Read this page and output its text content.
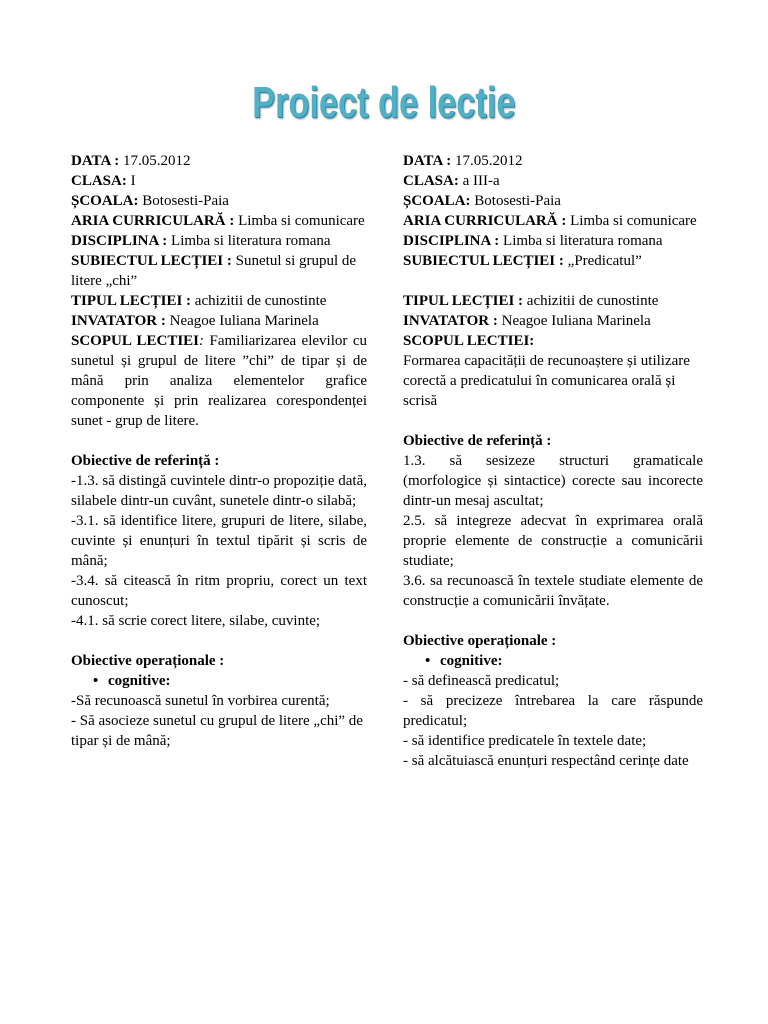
Proiect de lectie

DATA : 17.05.2012

CLASA: I

ȘCOALA: Botosesti-Paia

ARIA CURRICULARĂ : Limba si comunicare

DISCIPLINA : Limba si literatura romana

SUBIECTUL LECȚIEI : Sunetul si grupul de litere „chi”

TIPUL LECȚIEI : achizitii de cunostinte

INVATATOR : Neagoe Iuliana Marinela

SCOPUL LECTIEI: Familiarizarea elevilor cu sunetul și grupul de litere ”chi” de tipar și de mână prin analiza elementelor grafice componente și prin realizarea corespondenței sunet - grup de litere.

Obiective de referință :

-1.3. să distingă cuvintele dintr-o propoziție dată, silabele dintr-un cuvânt, sunetele dintr-o silabă;

-3.1. să identifice litere, grupuri de litere, silabe, cuvinte și enunțuri în textul tipărit și scris de mână;

-3.4. să citească în ritm propriu, corect un text cunoscut;

-4.1. să scrie corect litere, silabe, cuvinte;

Obiective operaționale :

• cognitive:

-Să recunoască sunetul în vorbirea curentă;

- Să asocieze sunetul cu grupul de litere „chi” de tipar și de mână;

DATA : 17.05.2012

CLASA: a III-a

ȘCOALA: Botosesti-Paia

ARIA CURRICULARĂ : Limba si comunicare

DISCIPLINA : Limba si literatura romana

SUBIECTUL LECȚIEI : „Predicatul”

TIPUL LECȚIEI : achizitii de cunostinte

INVATATOR : Neagoe Iuliana Marinela

SCOPUL LECTIEI:

Formarea capacității de recunoaștere și utilizare corectă a predicatului în comunicarea orală și scrisă

Obiective de referință :

1.3. să sesizeze structuri gramaticale (morfologice și sintactice) corecte sau incorecte dintr-un mesaj ascultat;

2.5. să integreze adecvat în exprimarea orală proprie elemente de construcție a comunicării studiate;

3.6. sa recunoască în textele studiate elemente de construcție a comunicării învățate.

Obiective operaționale :

• cognitive:

- să definească predicatul;

- să precizeze întrebarea la care răspunde predicatul;

- să identifice predicatele în textele date;

- să alcătuiască enunțuri respectând cerințe date
